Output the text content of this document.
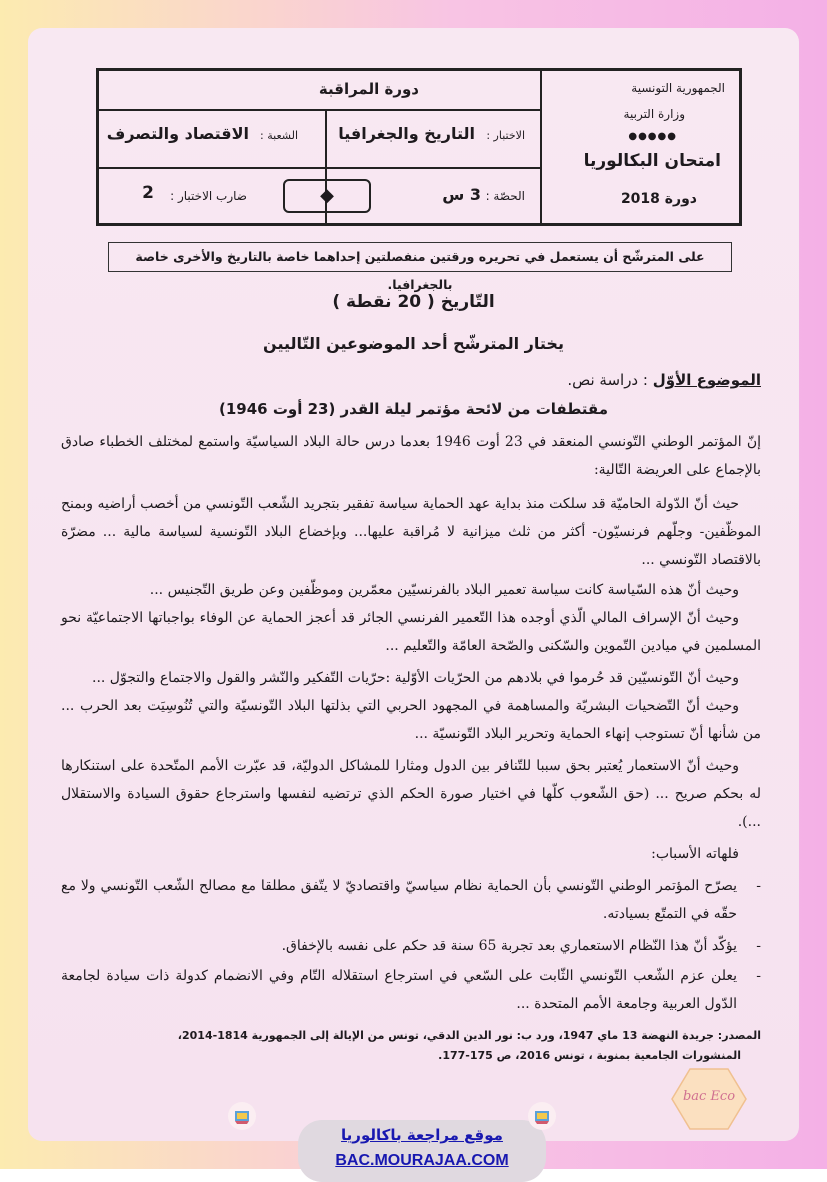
الجمهورية التونسية
وزارة التربية
●●●●●
امتحان البكالوريا
دورة 2018
دورة المراقبة
الاختبار :
التاريخ والجغرافيا
الشعبة :
الاقتصاد والتصرف
الحصّة :
3 س
◆
ضارب الاختبار :
2
على المترشّح أن يستعمل في تحريره ورقتين منفصلتين إحداهما خاصة بالتاريخ والأخرى خاصة بالجغرافيا.
التّاريخ ( 20 نقطة )
يختار المترشّح أحد الموضوعين التّاليين
الموضوع الأوّل : دراسة نص.
مقتطفات من لائحة مؤتمر ليلة القدر (23 أوت 1946)

إنّ المؤتمر الوطني التّونسي المنعقد في 23 أوت 1946 بعدما درس حالة البلاد السياسيّة واستمع لمختلف الخطباء صادق بالإجماع على العريضة التّالية:

حيث أنّ الدّولة الحاميّة قد سلكت منذ بداية عهد الحماية سياسة تفقير بتجريد الشّعب التّونسي من أخصب أراضيه وبمنح الموظّفين- وجلّهم فرنسيّون- أكثر من ثلث ميزانية لا مُراقبة عليها... وبإخضاع البلاد التّونسية لسياسة مالية ... مضرّة بالاقتصاد التّونسي ...

وحيث أنّ هذه السّياسة كانت سياسة تعمير البلاد بالفرنسيّين معمّرين وموظّفين وعن طريق التّجنيس ...

وحيث أنّ الإسراف المالي الّذي أوجده هذا التّعمير الفرنسي الجائر قد أعجز الحماية عن الوفاء بواجباتها الاجتماعيّة نحو المسلمين في ميادين التّموين والسّكنى والصّحة العامّة والتّعليم ...

وحيث أنّ التّونسيّين قد حُرموا في بلادهم من الحرّيات الأوّلية :حرّيات التّفكير والنّشر والقول والاجتماع والتجوّل ...

وحيث أنّ التّضحيات البشريّة والمساهمة في المجهود الحربي التي بذلتها البلاد التّونسيّة والتي تُنُوسِيَت بعد الحرب ... من شأنها أنّ تستوجب إنهاء الحماية وتحرير البلاد التّونسيّة ...

وحيث أنّ الاستعمار يُعتبر بحق سببا للتّنافر بين الدول ومثارا للمشاكل الدوليّة، قد عبّرت الأمم المتّحدة على استنكارها له بحكم صريح ... (حق الشّعوب كلّها في اختيار صورة الحكم الذي ترتضيه لنفسها واسترجاع حقوق السيادة والاستقلال ...).

فلهاته الأسباب:

-
يصرّح المؤتمر الوطني التّونسي بأن الحماية نظام سياسيّ واقتصاديّ لا يتّفق مطلقا مع مصالح الشّعب التّونسي ولا مع حقّه في التمتّع بسيادته.
-
يؤكّد أنّ هذا النّظام الاستعماري بعد تجربة 65 سنة قد حكم على نفسه بالإخفاق.
-
يعلن عزم الشّعب التّونسي الثّابت على السّعي في استرجاع استقلاله التّام وفي الانضمام كدولة ذات سيادة لجامعة الدّول العربية وجامعة الأمم المتحدة ...
المصدر: جريدة النهضة 13 ماي 1947، ورد ب: نور الدين الدقي، تونس من الإيالة إلى الجمهورية 1814-2014،
المنشورات الجامعية بمنوبة ، تونس 2016، ص 175-177.
موقع مراجعة باكالوريا
BAC.MOURAJAA.COM
bac Eco
